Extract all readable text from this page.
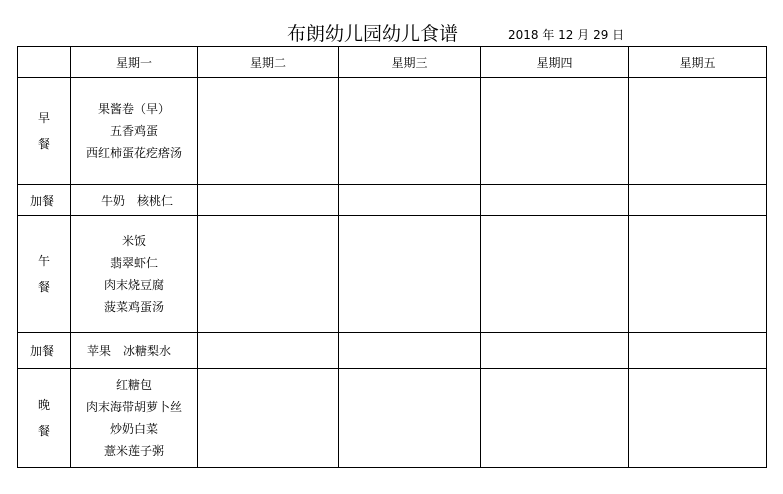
布朗幼儿园幼儿食谱	2018 年 12 月 29 日
	星期一	星期二	星期三	星期四	星期五

早
餐	果酱卷（早）
五香鸡蛋
西红柿蛋花疙瘩汤				

加餐	牛奶　核桃仁				

午
餐	米饭
翡翠虾仁
肉末烧豆腐
菠菜鸡蛋汤				

加餐	苹果　冰糖梨水				

晚
餐	红糖包
肉末海带胡萝卜丝
炒奶白菜
薏米莲子粥				
